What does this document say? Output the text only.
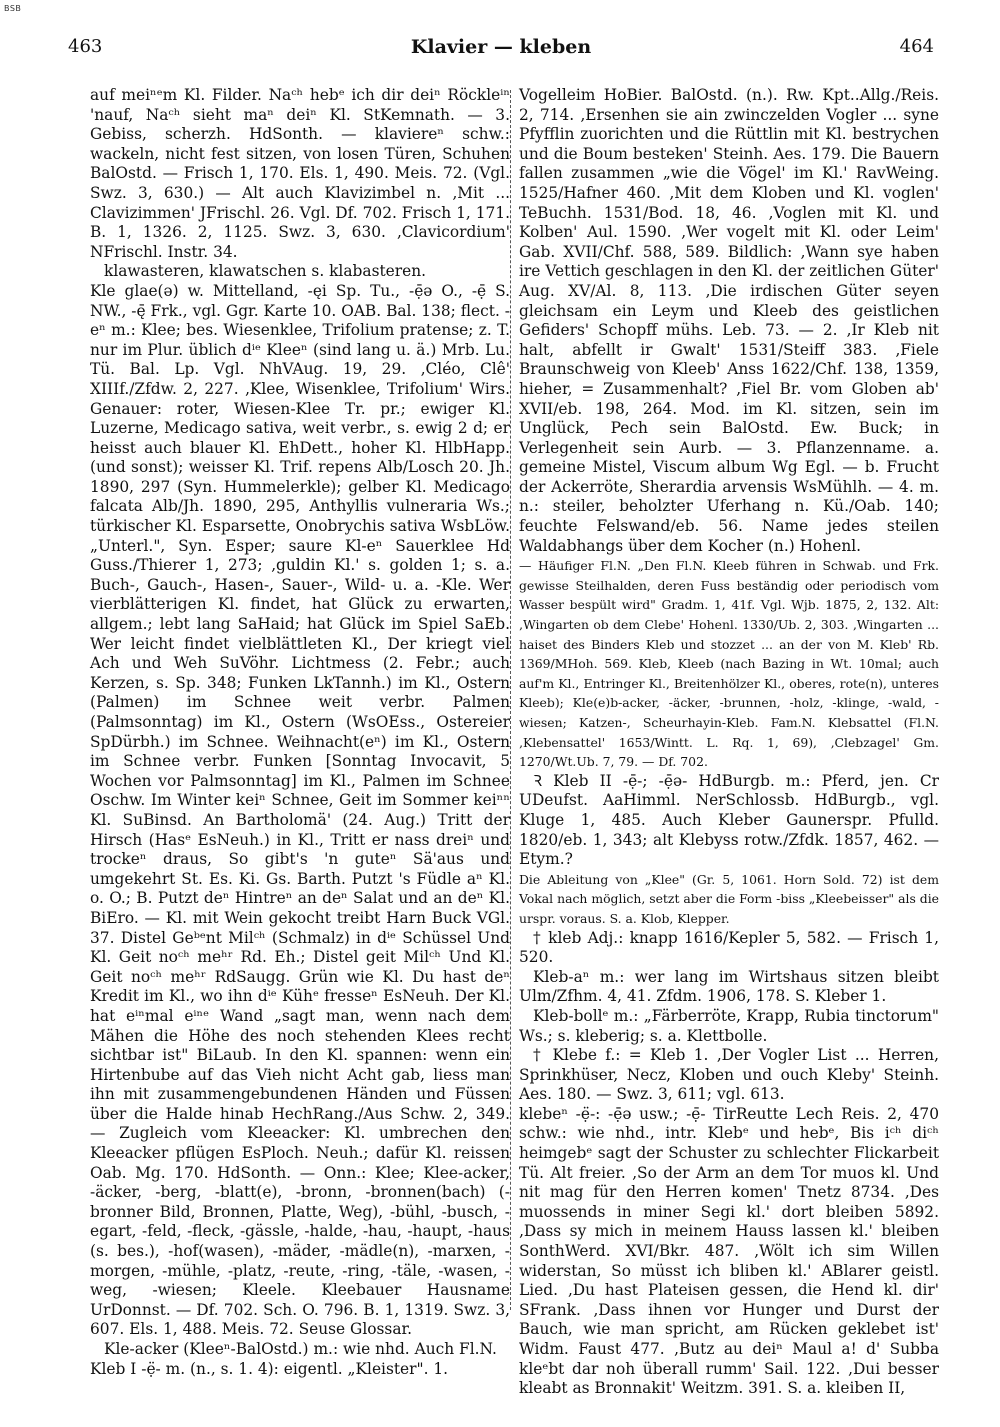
BSB
463	Klavier — kleben	464

auf meiⁿᵉm Kl. Filder. Naᶜʰ hebᵉ ich dir deiⁿ Röckleⁱⁿ 'nauf, Naᶜʰ sieht maⁿ deiⁿ Kl. StKemnath. — 3. Gebiss, scherzh. HdSonth. — klaviereⁿ schw.: wackeln, nicht fest sitzen, von losen Türen, Schuhen BalOstd. — Frisch 1, 170. Els. 1, 490. Meis. 72. (Vgl. Swz. 3, 630.) — Alt auch Klavizimbel n. ‚Mit ... Clavizimmen' JFrischl. 26. Vgl. Df. 702. Frisch 1, 171. B. 1, 1326. 2, 1125. Swz. 3, 630. ‚Clavicordium' NFrischl. Instr. 34.

klawasteren, klawatschen s. klabasteren.

Kle glae(ə) w. Mittelland, -ęi Sp. Tu., -ẹ̄ə O., -ẹ̄ S. NW., -ę̄ Frk., vgl. Ggr. Karte 10. OAB. Bal. 138; flect. -eⁿ m.: Klee; bes. Wiesenklee, Trifolium pratense; z. T. nur im Plur. üblich dⁱᵉ Kleeⁿ (sind lang u. ä.) Mrb. Lu. Tü. Bal. Lp. Vgl. NhVAug. 19, 29. ‚Cléo, Clê' XIIIf./Zfdw. 2, 227. ‚Klee, Wisenklee, Trifolium' Wirs. Genauer: roter, Wiesen-Klee Tr. pr.; ewiger Kl. Luzerne, Medicago sativa, weit verbr., s. ewig 2 d; er heisst auch blauer Kl. EhDett., hoher Kl. HlbHapp. (und sonst); weisser Kl. Trif. repens Alb/Losch 20. Jh. 1890, 297 (Syn. Hummelerkle); gelber Kl. Medicago falcata Alb/Jh. 1890, 295, Anthyllis vulneraria Ws.; türkischer Kl. Esparsette, Onobrychis sativa WsbLöw. „Unterl.", Syn. Esper; saure Kl-eⁿ Sauerklee Hd Guss./Thierer 1, 273; ‚guldin Kl.' s. golden 1; s. a. Buch-, Gauch-, Hasen-, Sauer-, Wild- u. a. -Kle. Wer vierblätterigen Kl. findet, hat Glück zu erwarten, allgem.; lebt lang SaHaid; hat Glück im Spiel SaEb. Wer leicht findet vielblättleten Kl., Der kriegt viel Ach und Weh SuVöhr. Lichtmess (2. Febr.; auch Kerzen, s. Sp. 348; Funken LkTannh.) im Kl., Ostern (Palmen) im Schnee weit verbr. Palmen (Palmsonntag) im Kl., Ostern (WsOEss., Ostereier SpDürbh.) im Schnee. Weihnacht(eⁿ) im Kl., Ostern im Schnee verbr. Funken [Sonntag Invocavit, 5 Wochen vor Palmsonntag] im Kl., Palmen im Schnee Oschw. Im Winter keiⁿ Schnee, Geit im Sommer keiⁿⁿ Kl. SuBinsd. An Bartholomä' (24. Aug.) Tritt der Hirsch (Hasᵉ EsNeuh.) in Kl., Tritt er nass dreiⁿ und trockeⁿ draus, So gibt's 'n guteⁿ Sä'aus und umgekehrt St. Es. Ki. Gs. Barth. Putzt 's Füdle aⁿ Kl. o. O.; B. Putzt deⁿ Hintreⁿ an deⁿ Salat und an deⁿ Kl. BiEro. — Kl. mit Wein gekocht treibt Harn Buck VGl. 37. Distel Geᵇᵉnt Milᶜʰ (Schmalz) in dⁱᵉ Schüssel Und Kl. Geit noᶜʰ meʰʳ Rd. Eh.; Distel geit Milᶜʰ Und Kl. Geit noᶜʰ meʰʳ RdSaugg. Grün wie Kl. Du hast deⁿ Kredit im Kl., wo ihn dⁱᵉ Kühᵉ fresseⁿ EsNeuh. Der Kl. hat eⁱⁿmal eⁱⁿᵉ Wand „sagt man, wenn nach dem Mähen die Höhe des noch stehenden Klees recht sichtbar ist" BiLaub. In den Kl. spannen: wenn ein Hirtenbube auf das Vieh nicht Acht gab, liess man ihn mit zusammengebundenen Händen und Füssen über die Halde hinab HechRang./Aus Schw. 2, 349. — Zugleich vom Kleeacker: Kl. umbrechen den Kleeacker pflügen EsPloch. Neuh.; dafür Kl. reissen Oab. Mg. 170. HdSonth. — Onn.: Klee; Klee-acker, -äcker, -berg, -blatt(e), -bronn, -bronnen(bach) (-bronner Bild, Bronnen, Platte, Weg), -bühl, -busch, -egart, -feld, -fleck, -gässle, -halde, -hau, -haupt, -haus (s. bes.), -hof(wasen), -mäder, -mädle(n), -marxen, -morgen, -mühle, -platz, -reute, -ring, -täle, -wasen, -weg, -wiesen; Kleele. Kleebauer Hausname UrDonnst. — Df. 702. Sch. O. 796. B. 1, 1319. Swz. 3, 607. Els. 1, 488. Meis. 72. Seuse Glossar.

Kle-acker (Kleeⁿ-BalOstd.) m.: wie nhd. Auch Fl.N.

Kleb I -ẹ̈- m. (n., s. 1. 4): eigentl. „Kleister". 1.

Vogelleim HoBier. BalOstd. (n.). Rw. Kpt..Allg./Reis. 2, 714. ‚Ersenhen sie ain zwinczelden Vogler ... syne Pfyfflin zuorichten und die Rüttlin mit Kl. bestrychen und die Boum besteken' Steinh. Aes. 179. Die Bauern fallen zusammen „wie die Vögel' im Kl.' RavWeing. 1525/Hafner 460. ‚Mit dem Kloben und Kl. voglen' TeBuchh. 1531/Bod. 18, 46. ‚Voglen mit Kl. und Kolben' Aul. 1590. ‚Wer vogelt mit Kl. oder Leim' Gab. XVII/Chf. 588, 589. Bildlich: ‚Wann sye haben ire Vettich geschlagen in den Kl. der zeitlichen Güter' Aug. XV/Al. 8, 113. ‚Die irdischen Güter seyen gleichsam ein Leym und Kleeb des geistlichen Gefiders' Schopff mühs. Leb. 73. — 2. ‚Ir Kleb nit halt, abfellt ir Gwalt' 1531/Steiff 383. ‚Fiele Braunschweig von Kleeb' Anss 1622/Chf. 138, 1359, hieher, = Zusammenhalt? ‚Fiel Br. vom Globen ab' XVII/eb. 198, 264. Mod. im Kl. sitzen, sein im Unglück, Pech sein BalOstd. Ew. Buck; in Verlegenheit sein Aurb. — 3. Pflanzenname. a. gemeine Mistel, Viscum album Wg Egl. — b. Frucht der Ackerröte, Sherardia arvensis WsMühlh. — 4. m. n.: steiler, beholzter Uferhang n. Kü./Oab. 140; feuchte Felswand/eb. 56. Name jedes steilen Waldabhangs über dem Kocher (n.) Hohenl.

— Häufiger Fl.N. „Den Fl.N. Kleeb führen in Schwab. und Frk. gewisse Steilhalden, deren Fuss beständig oder periodisch vom Wasser bespült wird" Gradm. 1, 41f. Vgl. Wjb. 1875, 2, 132. Alt: ‚Wingarten ob dem Clebe' Hohenl. 1330/Ub. 2, 303. ‚Wingarten ... haiset des Binders Kleb und stozzet ... an der von M. Kleb' Rb. 1369/MHoh. 569. Kleb, Kleeb (nach Bazing in Wt. 10mal; auch auf'm Kl., Entringer Kl., Breitenhölzer Kl., oberes, rote(n), unteres Kleeb); Kle(e)b-acker, -äcker, -brunnen, -holz, -klinge, -wald, -wiesen; Katzen-, Scheurhayin-Kleb. Fam.N. Klebsattel (Fl.N. ‚Klebensattel' 1653/Wintt. L. Rq. 1, 69), ‚Clebzagel' Gm. 1270/Wt.Ub. 7, 79. — Df. 702.

Ꝛ Kleb II -ẹ̄-; -ẹ̄ə- HdBurgb. m.: Pferd, jen. Cr UDeufst. AaHimml. NerSchlossb. HdBurgb., vgl. Kluge 1, 485. Auch Kleber Gaunerspr. Pfulld. 1820/eb. 1, 343; alt Klebyss rotw./Zfdk. 1857, 462. — Etym.?

Die Ableitung von „Klee" (Gr. 5, 1061. Horn Sold. 72) ist dem Vokal nach möglich, setzt aber die Form -biss „Kleebeisser" als die urspr. voraus. S. a. Klob, Klepper.

† kleb Adj.: knapp 1616/Kepler 5, 582. — Frisch 1, 520.

Kleb-aⁿ m.: wer lang im Wirtshaus sitzen bleibt Ulm/Zfhm. 4, 41. Zfdm. 1906, 178. S. Kleber 1.

Kleb-bollᵉ m.: „Färberröte, Krapp, Rubia tinctorum" Ws.; s. kleberig; s. a. Klettbolle.

† Klebe f.: = Kleb 1. ‚Der Vogler List ... Herren, Sprinkhüser, Necz, Kloben und ouch Kleby' Steinh. Aes. 180. — Swz. 3, 611; vgl. 613.

klebeⁿ -ẹ̈-: -ẹ̄ə usw.; -ẹ̄- TirReutte Lech Reis. 2, 470 schw.: wie nhd., intr. Klebᵉ und hebᵉ, Bis iᶜʰ diᶜʰ heimgebᵉ sagt der Schuster zu schlechter Flickarbeit Tü. Alt freier. ‚So der Arm an dem Tor muos kl. Und nit mag für den Herren komen' Tnetz 8734. ‚Des muossends in miner Segi kl.' dort bleiben 5892. ‚Dass sy mich in meinem Hauss lassen kl.' bleiben SonthWerd. XVI/Bkr. 487. ‚Wölt ich sim Willen widerstan, So müsst ich bliben kl.' ABlarer geistl. Lied. ‚Du hast Plateisen gessen, die Hend kl. dir' SFrank. ‚Dass ihnen vor Hunger und Durst der Bauch, wie man spricht, am Rücken geklebet ist' Widm. Faust 477. ‚Butz au deiⁿ Maul a! d' Subba kleᵉbt dar noh überall rumm' Sail. 122. ‚Dui besser kleabt as Bronnakit' Weitzm. 391. S. a. kleiben II,
